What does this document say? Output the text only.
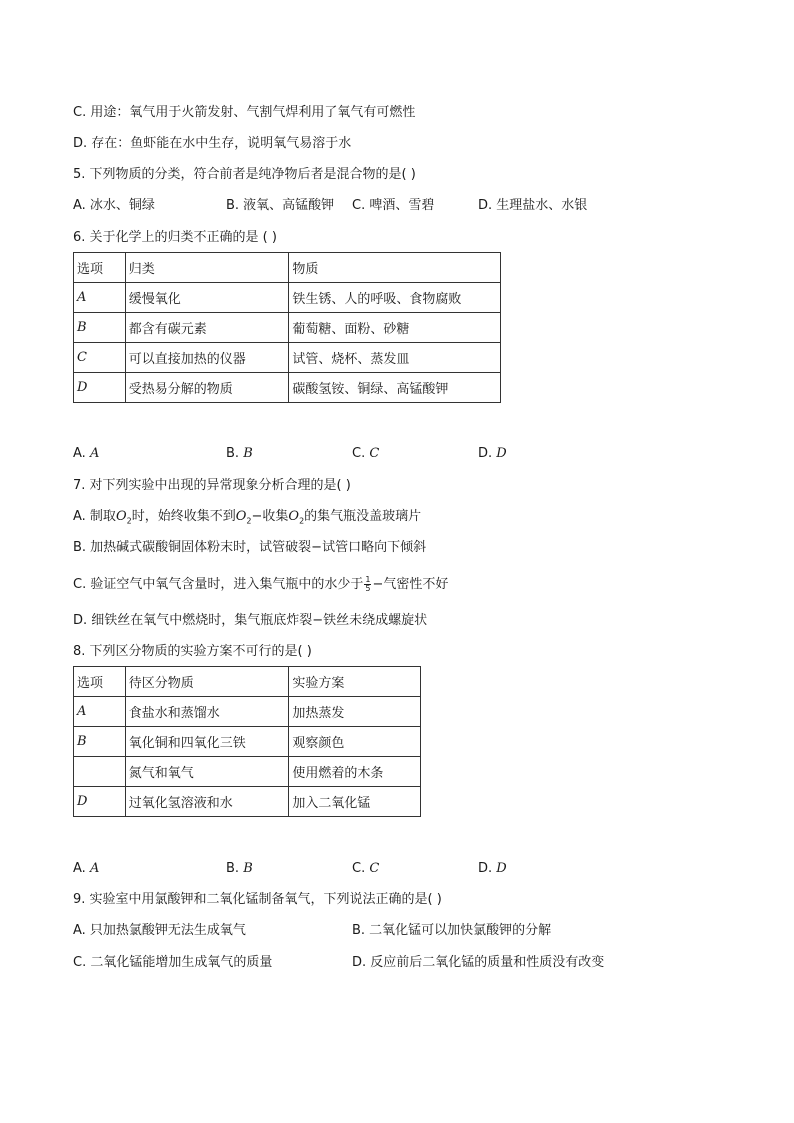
C. 用途：氧气用于火箭发射、气割气焊利用了氧气有可燃性
D. 存在：鱼虾能在水中生存，说明氧气易溶于水
5. 下列物质的分类，符合前者是纯净物后者是混合物的是( )
A. 冰水、铜绿	B. 液氧、高锰酸钾 C. 啤酒、雪碧	D. 生理盐水、水银
6. 关于化学上的归类不正确的是 ( )
选项	归类	物质
A	缓慢氧化	铁生锈、人的呼吸、食物腐败
B	都含有碳元素	葡萄糖、面粉、砂糖
C	可以直接加热的仪器	试管、烧杯、蒸发皿
D	受热易分解的物质	碳酸氢铵、铜绿、高锰酸钾
A. A	B. B	C. C	D. D
7. 对下列实验中出现的异常现象分析合理的是( )
A. 制取$O_2$时，始终收集不到$O_2-$收集$O_2$的集气瓶没盖玻璃片
B. 加热碱式碳酸铜固体粉末时，试管破裂−试管口略向下倾斜
C. 验证空气中氧气含量时，进入集气瓶中的水少于 $\frac{1}{5}$ −气密性不好
D. 细铁丝在氧气中燃烧时，集气瓶底炸裂−铁丝未绕成螺旋状
8. 下列区分物质的实验方案不可行的是( )
选项	待区分物质	实验方案
A	食盐水和蒸馏水	加热蒸发
B	氧化铜和四氧化三铁	观察颜色
	氮气和氧气	使用燃着的木条
D	过氧化氢溶液和水	加入二氧化锰
A. A	B. B	C. C	D. D
9. 实验室中用氯酸钾和二氧化锰制备氧气，下列说法正确的是( )
A. 只加热氯酸钾无法生成氧气	B. 二氧化锰可以加快氯酸钾的分解
C. 二氧化锰能增加生成氧气的质量	D. 反应前后二氧化锰的质量和性质没有改变
